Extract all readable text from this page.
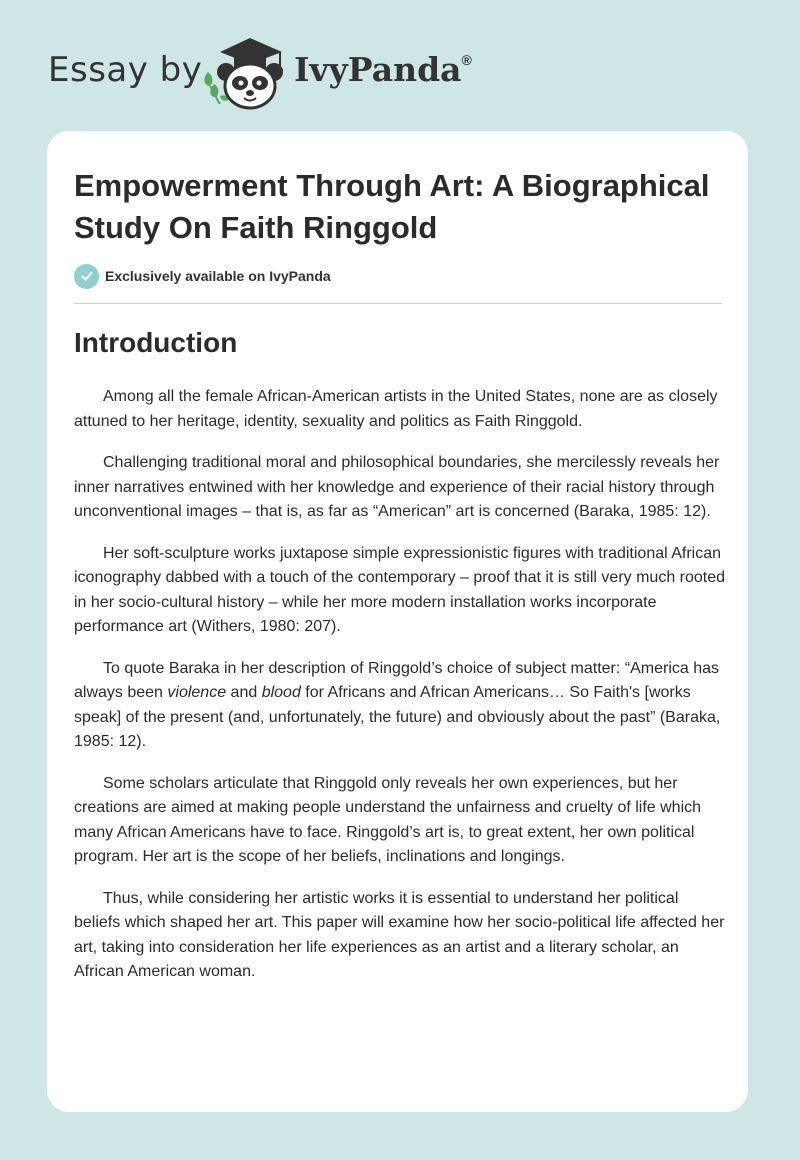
Essay by	IvyPanda®
Empowerment Through Art: A Biographical Study On Faith Ringgold
Exclusively available on IvyPanda
Introduction

Among all the female African-American artists in the United States, none are as closely attuned to her heritage, identity, sexuality and politics as Faith Ringgold.

Challenging traditional moral and philosophical boundaries, she mercilessly reveals her inner narratives entwined with her knowledge and experience of their racial history through unconventional images – that is, as far as “American” art is concerned (Baraka, 1985: 12).

Her soft-sculpture works juxtapose simple expressionistic figures with traditional African iconography dabbed with a touch of the contemporary – proof that it is still very much rooted in her socio-cultural history – while her more modern installation works incorporate performance art (Withers, 1980: 207).

To quote Baraka in her description of Ringgold’s choice of subject matter: “America has always been violence and blood for Africans and African Americans… So Faith's [works speak] of the present (and, unfortunately, the future) and obviously about the past” (Baraka, 1985: 12).

Some scholars articulate that Ringgold only reveals her own experiences, but her creations are aimed at making people understand the unfairness and cruelty of life which many African Americans have to face. Ringgold’s art is, to great extent, her own political program. Her art is the scope of her beliefs, inclinations and longings.

Thus, while considering her artistic works it is essential to understand her political beliefs which shaped her art. This paper will examine how her socio-political life affected her art, taking into consideration her life experiences as an artist and a literary scholar, an African American woman.
